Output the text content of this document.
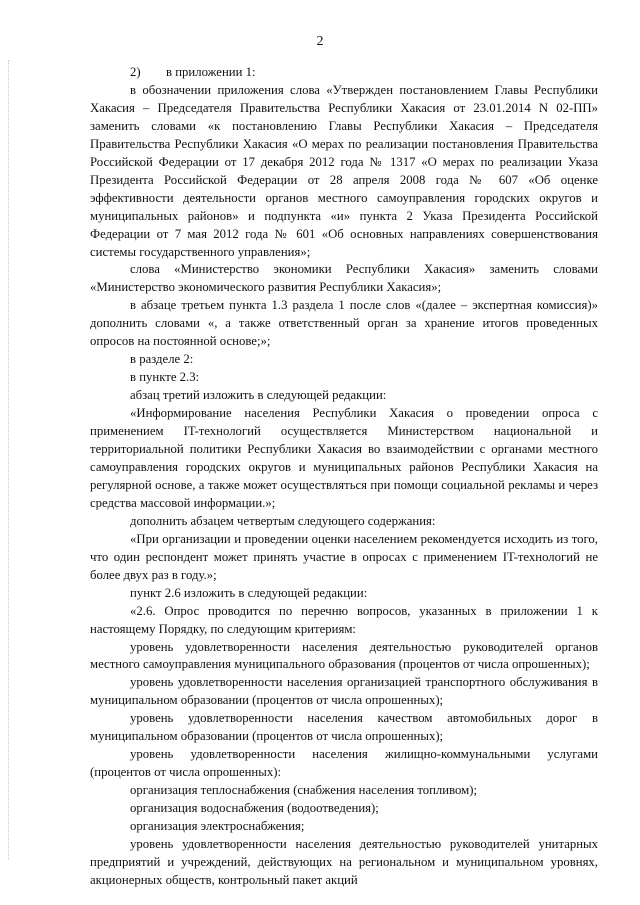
2

2) в приложении 1:

в обозначении приложения слова «Утвержден постановлением Главы Республики Хакасия – Председателя Правительства Республики Хакасия от 23.01.2014 N 02-ПП» заменить словами «к постановлению Главы Республики Хакасия – Председателя Правительства Республики Хакасия «О мерах по реализации постановления Правительства Российской Федерации от 17 декабря 2012 года № 1317 «О мерах по реализации Указа Президента Российской Федерации от 28 апреля 2008 года № 607 «Об оценке эффективности деятельности органов местного самоуправления городских округов и муниципальных районов» и подпункта «и» пункта 2 Указа Президента Российской Федерации от 7 мая 2012 года № 601 «Об основных направлениях совершенствования системы государственного управления»;

слова «Министерство экономики Республики Хакасия» заменить словами «Министерство экономического развития Республики Хакасия»;

в абзаце третьем пункта 1.3 раздела 1 после слов «(далее – экспертная комиссия)» дополнить словами «, а также ответственный орган за хранение итогов проведенных опросов на постоянной основе;»;

в разделе 2:

в пункте 2.3:

абзац третий изложить в следующей редакции:

«Информирование населения Республики Хакасия о проведении опроса с применением IT-технологий осуществляется Министерством национальной и территориальной политики Республики Хакасия во взаимодействии с органами местного самоуправления городских округов и муниципальных районов Республики Хакасия на регулярной основе, а также может осуществляться при помощи социальной рекламы и через средства массовой информации.»;

дополнить абзацем четвертым следующего содержания:

«При организации и проведении оценки населением рекомендуется исходить из того, что один респондент может принять участие в опросах с применением IT-технологий не более двух раз в году.»;

пункт 2.6 изложить в следующей редакции:

«2.6. Опрос проводится по перечню вопросов, указанных в приложении 1 к настоящему Порядку, по следующим критериям:

уровень удовлетворенности населения деятельностью руководителей органов местного самоуправления муниципального образования (процентов от числа опрошенных);

уровень удовлетворенности населения организацией транспортного обслуживания в муниципальном образовании (процентов от числа опрошенных);

уровень удовлетворенности населения качеством автомобильных дорог в муниципальном образовании (процентов от числа опрошенных);

уровень удовлетворенности населения жилищно-коммунальными услугами (процентов от числа опрошенных):

организация теплоснабжения (снабжения населения топливом);

организация водоснабжения (водоотведения);

организация электроснабжения;

уровень удовлетворенности населения деятельностью руководителей унитарных предприятий и учреждений, действующих на региональном и муниципальном уровнях, акционерных обществ, контрольный пакет акций
